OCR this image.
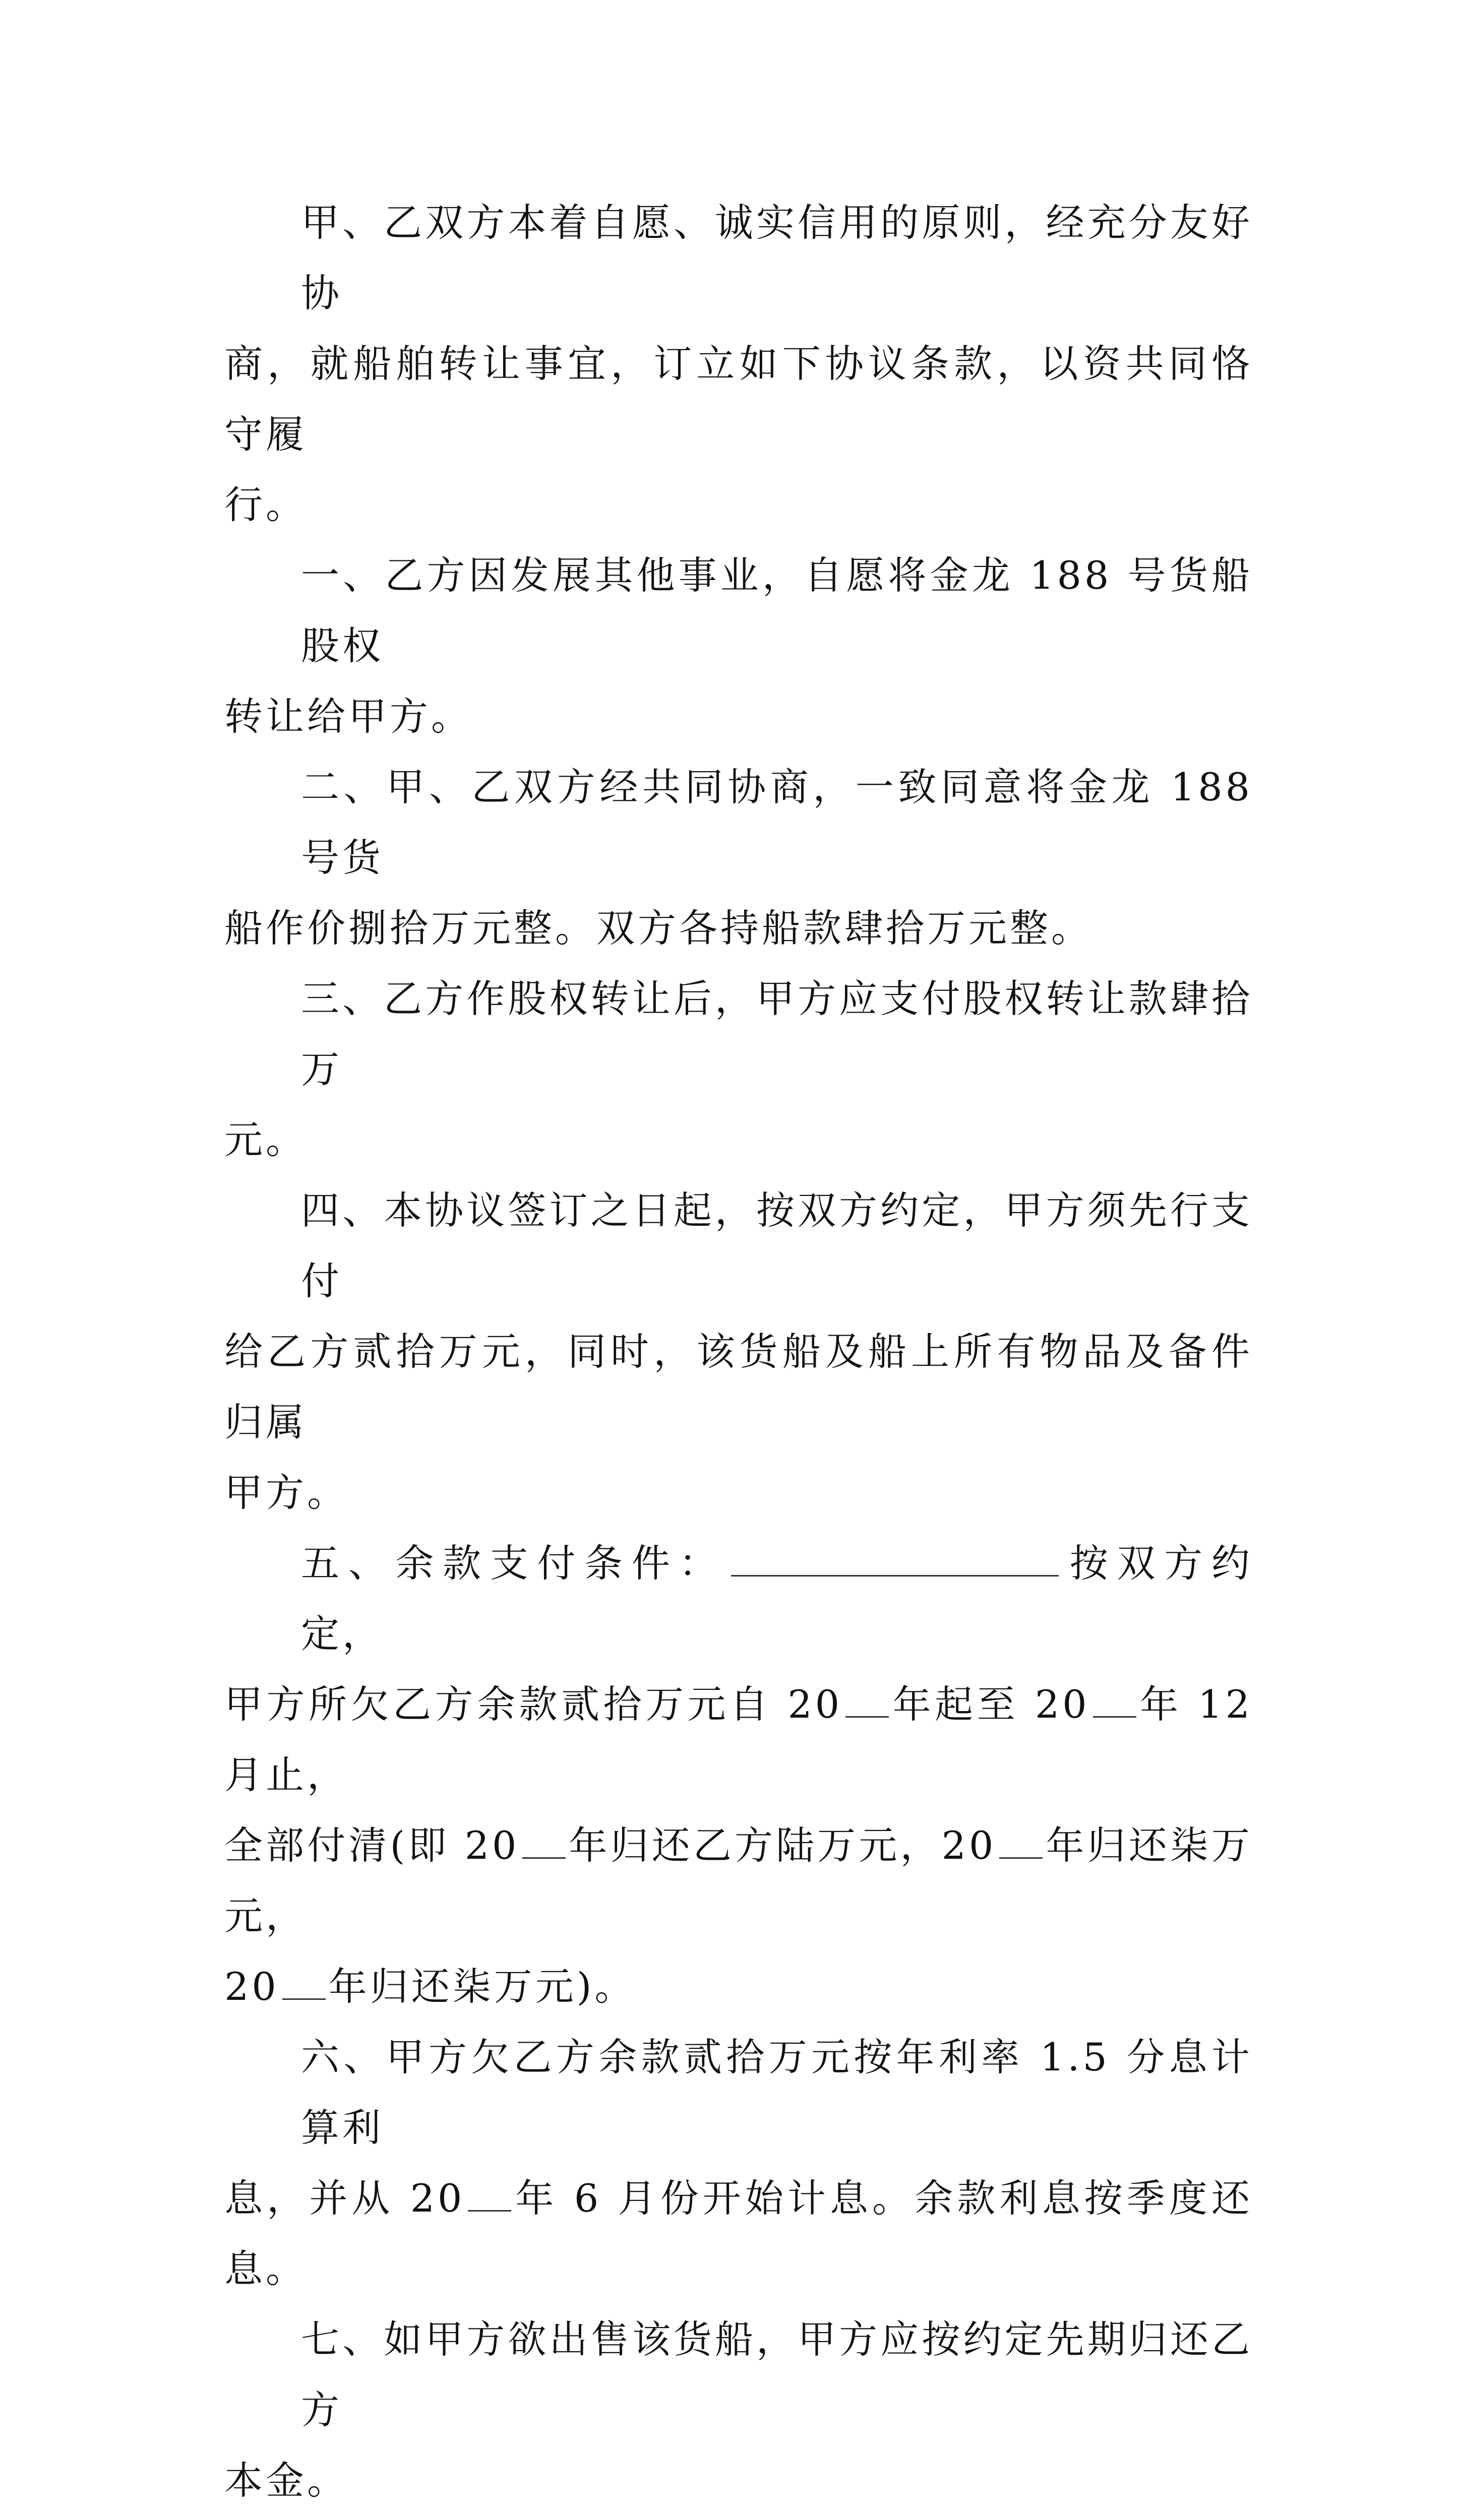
甲、乙双方本着自愿、诚实信用的原则，经充分友好协
商，就船舶转让事宜，订立如下协议条款，以资共同恪守履
行。

一、乙方因发展其他事业，自愿将金龙 188 号货船股权
转让给甲方。

二、甲、乙双方经共同协商，一致同意将金龙 188 号货
船作价捌拾万元整。双方各持船款肆拾万元整。

三、乙方作股权转让后，甲方应支付股权转让款肆拾万
元。

四、本协议签订之日起，按双方约定，甲方须先行支付
给乙方贰拾万元，同时，该货船及船上所有物品及备件归属
甲方。

五、余款支付条件：	按双方约定，
甲方所欠乙方余款贰拾万元自 20 年起至 20 年 12 月止，
全部付清(即 20 年归还乙方陆万元，20 年归还柒万元，
20 年归还柒万元)。

六、甲方欠乙方余款贰拾万元按年利率 1.5 分息计算利
息，并从 20 年 6 月份开始计息。余款利息按季度还息。

七、如甲方欲出售该货船，甲方应按约定先期归还乙方
本金。
